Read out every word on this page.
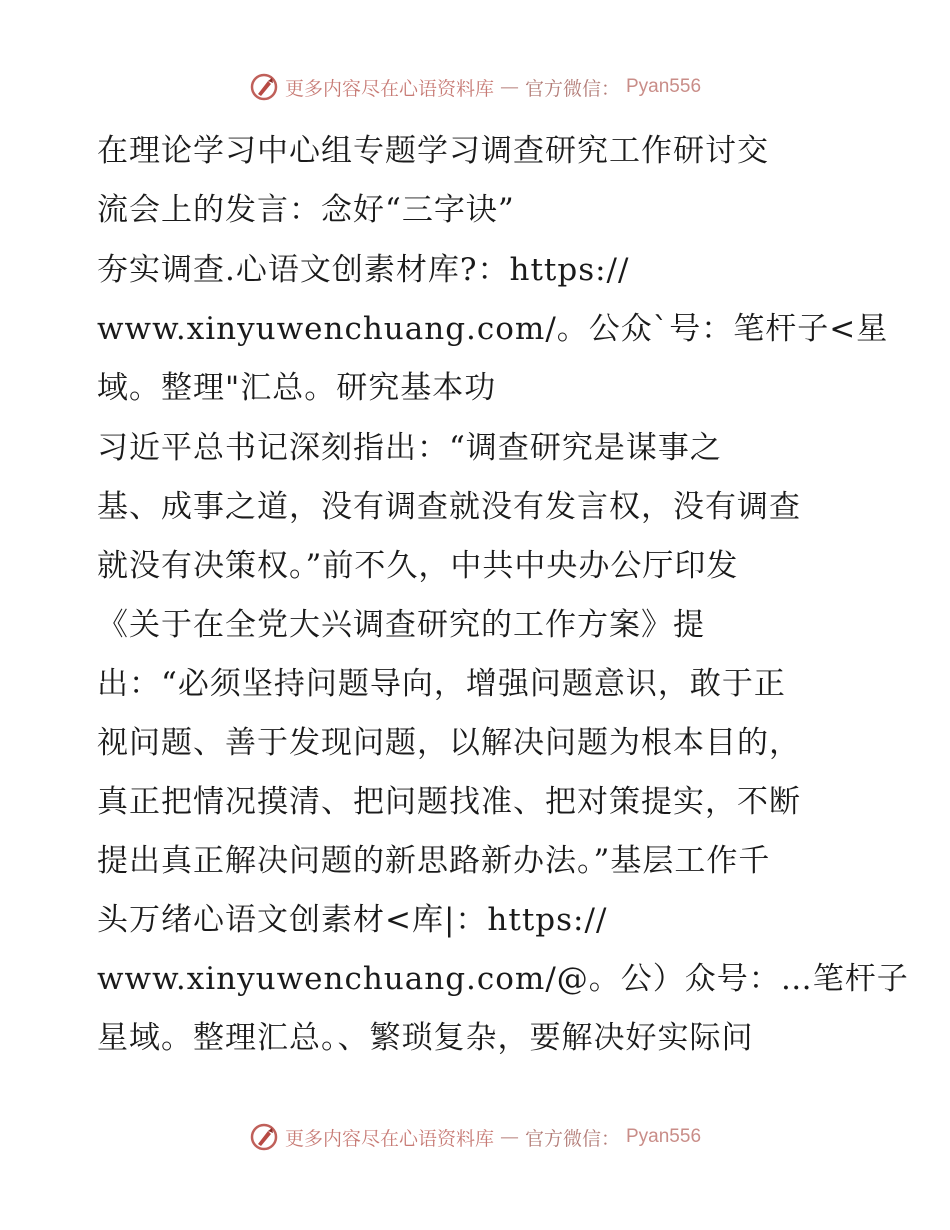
更多内容尽在心语资料库 — 官方微信： Pyan556
在理论学习中心组专题学习调查研究工作研讨交
流会上的发言：念好“三字诀”
夯实调查.心语文创素材库?：https://
www.xinyuwenchuang.com/。公众`号：笔杆子<星
域。整理"汇总。研究基本功
习近平总书记深刻指出：“调查研究是谋事之
基、成事之道，没有调查就没有发言权，没有调查
就没有决策权。”前不久，中共中央办公厅印发
《关于在全党大兴调查研究的工作方案》提
出：“必须坚持问题导向，增强问题意识，敢于正
视问题、善于发现问题，以解决问题为根本目的，
真正把情况摸清、把问题找准、把对策提实，不断
提出真正解决问题的新思路新办法。”基层工作千
头万绪心语文创素材<库|：https://
www.xinyuwenchuang.com/@。公）众号：…笔杆子
星域。整理汇总。、繁琐复杂，要解决好实际问
更多内容尽在心语资料库 — 官方微信： Pyan556
